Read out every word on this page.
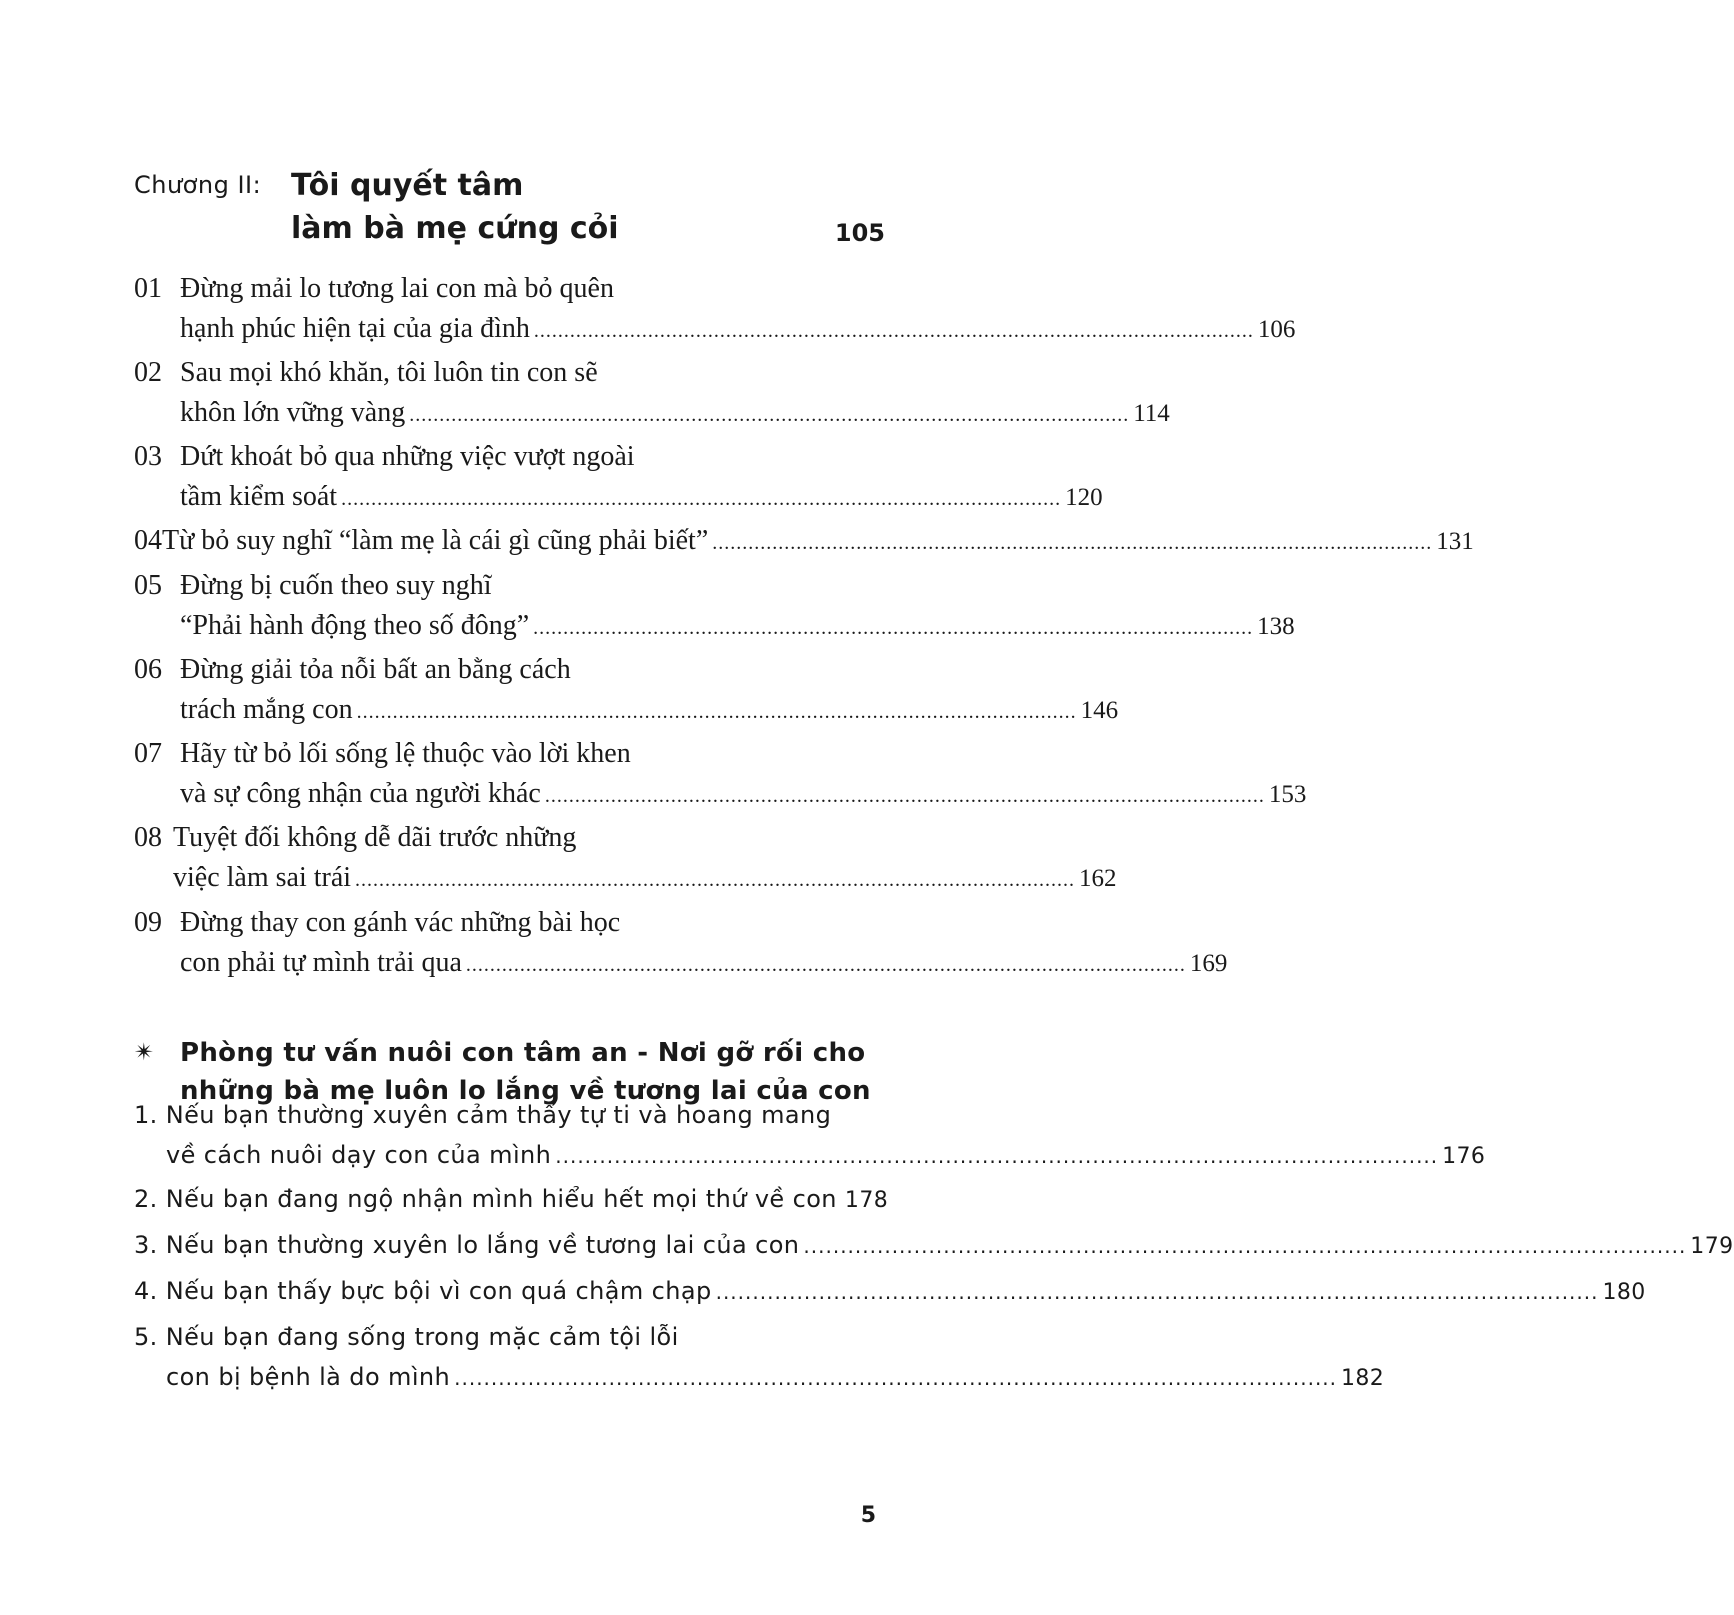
Chương II: Tôi quyết tâm
làm bà mẹ cứng cỏi	105
01 Đừng mải lo tương lai con mà bỏ quên
hạnh phúc hiện tại của gia đình ........................................................................................................................ 106
02 Sau mọi khó khăn, tôi luôn tin con sẽ
khôn lớn vững vàng ........................................................................................................................ 114
03 Dứt khoát bỏ qua những việc vượt ngoài
tầm kiểm soát ........................................................................................................................ 120
04 Từ bỏ suy nghĩ “làm mẹ là cái gì cũng phải biết” ........................................................................................................................ 131
05 Đừng bị cuốn theo suy nghĩ
“Phải hành động theo số đông” ........................................................................................................................ 138
06 Đừng giải tỏa nỗi bất an bằng cách
trách mắng con ........................................................................................................................ 146
07 Hãy từ bỏ lối sống lệ thuộc vào lời khen
và sự công nhận của người khác ........................................................................................................................ 153
08 Tuyệt đối không dễ dãi trước những
việc làm sai trái ........................................................................................................................ 162
09 Đừng thay con gánh vác những bài học
con phải tự mình trải qua ........................................................................................................................ 169
✴ Phòng tư vấn nuôi con tâm an - Nơi gỡ rối cho
những bà mẹ luôn lo lắng về tương lai của con
1. Nếu bạn thường xuyên cảm thấy tự ti và hoang mang
về cách nuôi dạy con của mình ........................................................................................................................ 176
2.
Nếu bạn đang ngộ nhận mình hiểu hết mọi thứ về con 178
3.
Nếu bạn thường xuyên lo lắng về tương lai của con ........................................................................................................................ 179
4.
Nếu bạn thấy bực bội vì con quá chậm chạp ........................................................................................................................ 180
5. Nếu bạn đang sống trong mặc cảm tội lỗi
con bị bệnh là do mình ........................................................................................................................ 182
5
